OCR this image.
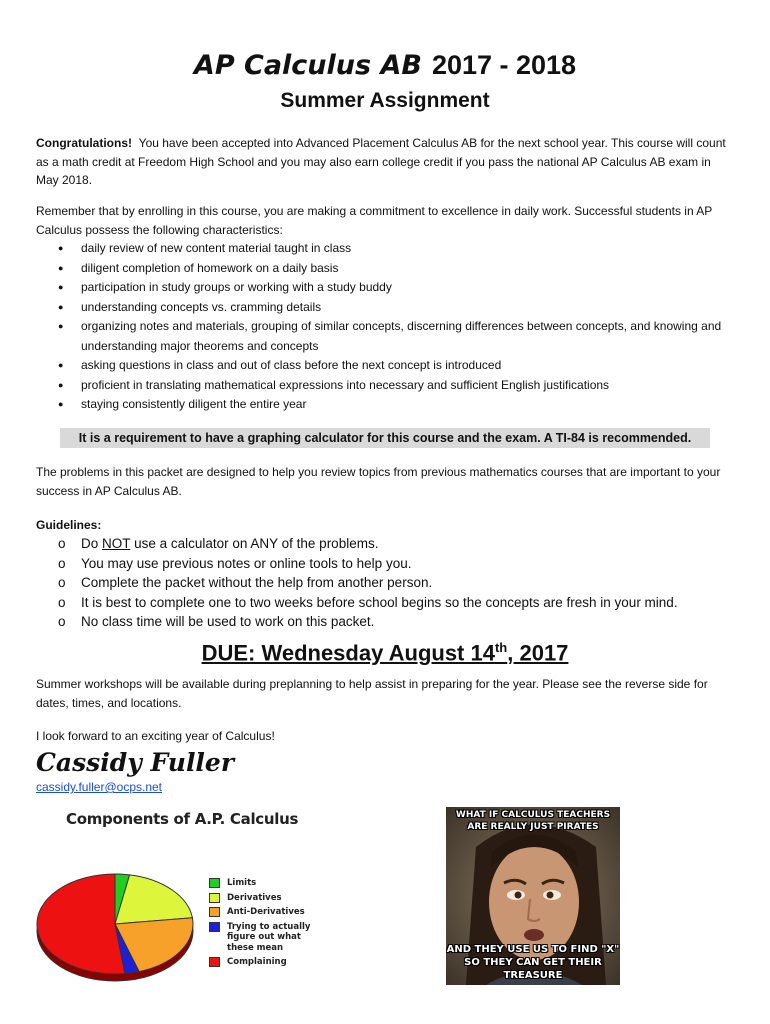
AP Calculus AB 2017 - 2018
Summer Assignment
Congratulations! You have been accepted into Advanced Placement Calculus AB for the next school year. This course will count as a math credit at Freedom High School and you may also earn college credit if you pass the national AP Calculus AB exam in May 2018.
Remember that by enrolling in this course, you are making a commitment to excellence in daily work. Successful students in AP Calculus possess the following characteristics:
● daily review of new content material taught in class
● diligent completion of homework on a daily basis
● participation in study groups or working with a study buddy
● understanding concepts vs. cramming details
● organizing notes and materials, grouping of similar concepts, discerning differences between concepts, and knowing and understanding major theorems and concepts
● asking questions in class and out of class before the next concept is introduced
● proficient in translating mathematical expressions into necessary and sufficient English justifications
● staying consistently diligent the entire year
It is a requirement to have a graphing calculator for this course and the exam. A TI-84 is recommended.
The problems in this packet are designed to help you review topics from previous mathematics courses that are important to your success in AP Calculus AB.
Guidelines:
o Do NOT use a calculator on ANY of the problems.
o You may use previous notes or online tools to help you.
o Complete the packet without the help from another person.
o It is best to complete one to two weeks before school begins so the concepts are fresh in your mind.
o No class time will be used to work on this packet.
DUE: Wednesday August 14th, 2017
Summer workshops will be available during preplanning to help assist in preparing for the year. Please see the reverse side for dates, times, and locations.
I look forward to an exciting year of Calculus!
Cassidy Fuller
cassidy.fuller@ocps.net
Components of A.P. Calculus
Limits
Derivatives
Anti-Derivatives
Trying to actually figure out what these mean
Complaining
WHAT IF CALCULUS TEACHERS ARE REALLY JUST PIRATES
AND THEY USE US TO FIND "X" SO THEY CAN GET THEIR TREASURE
